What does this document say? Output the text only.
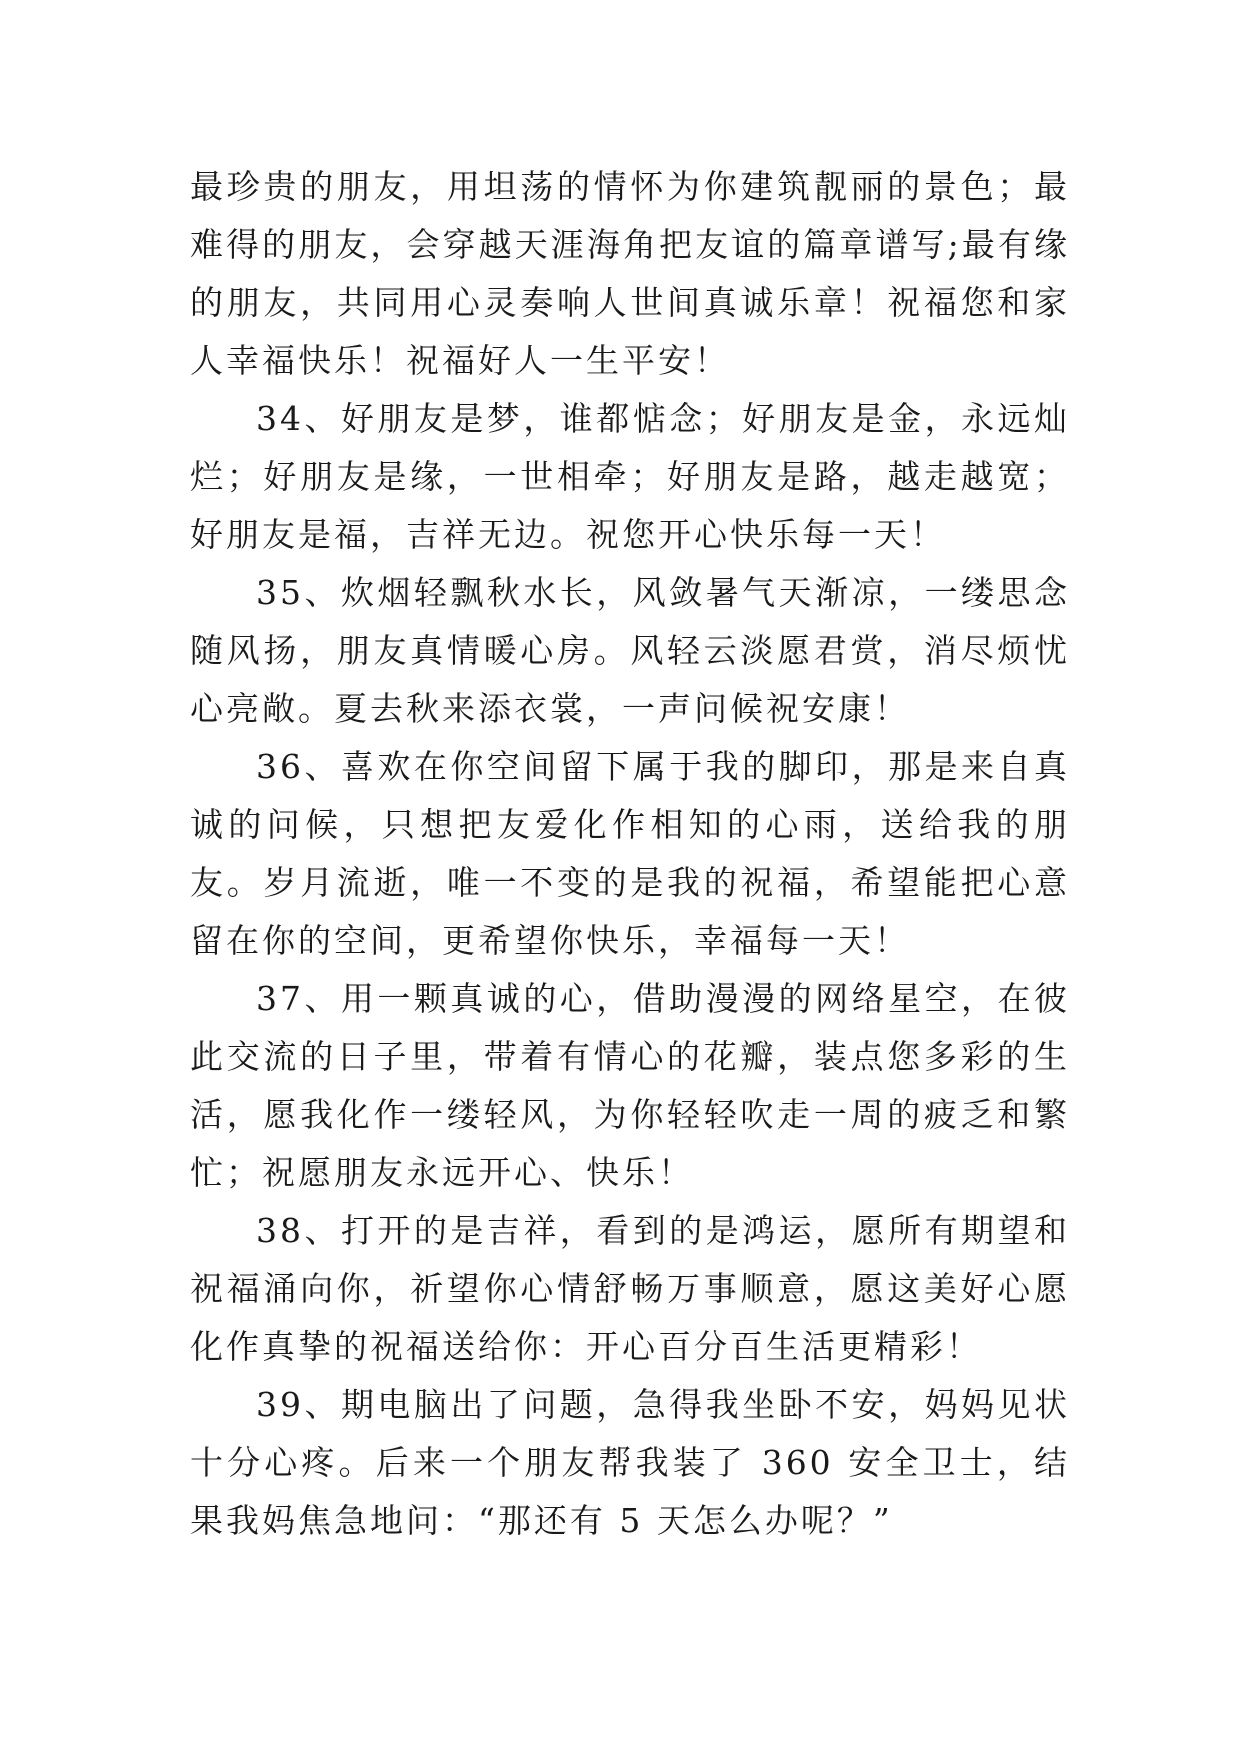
最珍贵的朋友，用坦荡的情怀为你建筑靓丽的景色；最难得的朋友，会穿越天涯海角把友谊的篇章谱写;最有缘的朋友，共同用心灵奏响人世间真诚乐章！祝福您和家人幸福快乐！祝福好人一生平安！

34、好朋友是梦，谁都惦念；好朋友是金，永远灿烂；好朋友是缘，一世相牵；好朋友是路，越走越宽；好朋友是福，吉祥无边。祝您开心快乐每一天！

35、炊烟轻飘秋水长，风敛暑气天渐凉，一缕思念随风扬，朋友真情暖心房。风轻云淡愿君赏，消尽烦忧心亮敞。夏去秋来添衣裳，一声问候祝安康！

36、喜欢在你空间留下属于我的脚印，那是来自真诚的问候，只想把友爱化作相知的心雨，送给我的朋友。岁月流逝，唯一不变的是我的祝福，希望能把心意留在你的空间，更希望你快乐，幸福每一天！

37、用一颗真诚的心，借助漫漫的网络星空，在彼此交流的日子里，带着有情心的花瓣，装点您多彩的生活，愿我化作一缕轻风，为你轻轻吹走一周的疲乏和繁忙；祝愿朋友永远开心、快乐！

38、打开的是吉祥，看到的是鸿运，愿所有期望和祝福涌向你，祈望你心情舒畅万事顺意，愿这美好心愿化作真挚的祝福送给你：开心百分百生活更精彩！

39、期电脑出了问题，急得我坐卧不安，妈妈见状十分心疼。后来一个朋友帮我装了 360 安全卫士，结果我妈焦急地问：“那还有 5 天怎么办呢？”
